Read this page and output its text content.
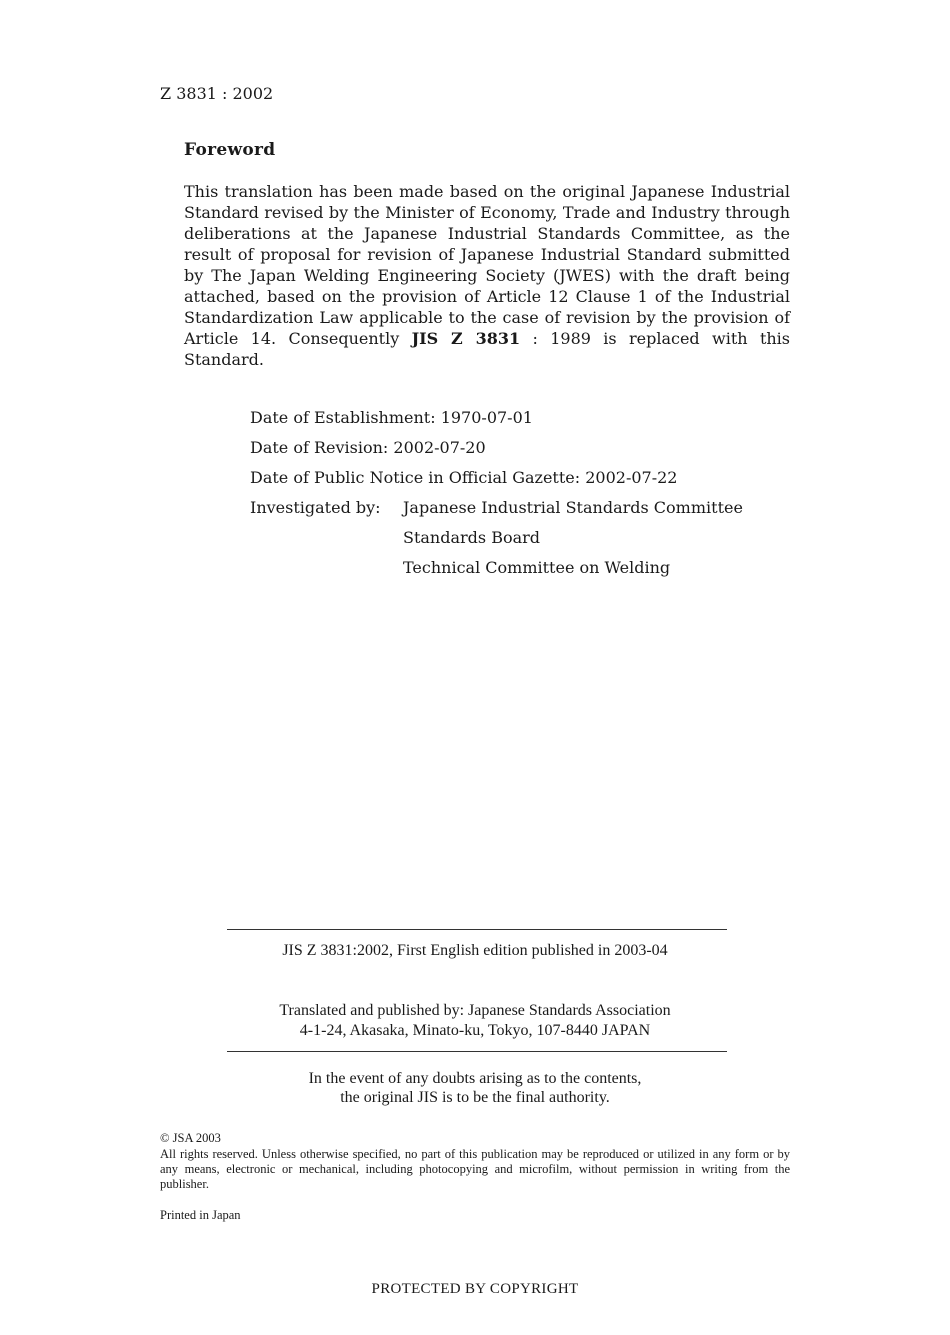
Z 3831 : 2002
Foreword
This translation has been made based on the original Japanese Industrial Standard revised by the Minister of Economy, Trade and Industry through deliberations at the Japanese Industrial Standards Committee, as the result of proposal for revision of Japanese Industrial Standard submitted by The Japan Welding Engineering Society (JWES) with the draft being attached, based on the provision of Article 12 Clause 1 of the Industrial Standardization Law applicable to the case of revision by the provision of Article 14. Consequently JIS Z 3831 : 1989 is replaced with this Standard.
Date of Establishment: 1970-07-01
Date of Revision: 2002-07-20
Date of Public Notice in Official Gazette: 2002-07-22
Investigated by: Japanese Industrial Standards Committee
Standards Board
Technical Committee on Welding
JIS Z 3831:2002, First English edition published in 2003-04
Translated and published by: Japanese Standards Association
4-1-24, Akasaka, Minato-ku, Tokyo, 107-8440 JAPAN
In the event of any doubts arising as to the contents,
the original JIS is to be the final authority.
© JSA 2003
All rights reserved. Unless otherwise specified, no part of this publication may be reproduced or utilized in any form or by any means, electronic or mechanical, including photocopying and microfilm, without permission in writing from the publisher.
Printed in Japan
PROTECTED BY COPYRIGHT
